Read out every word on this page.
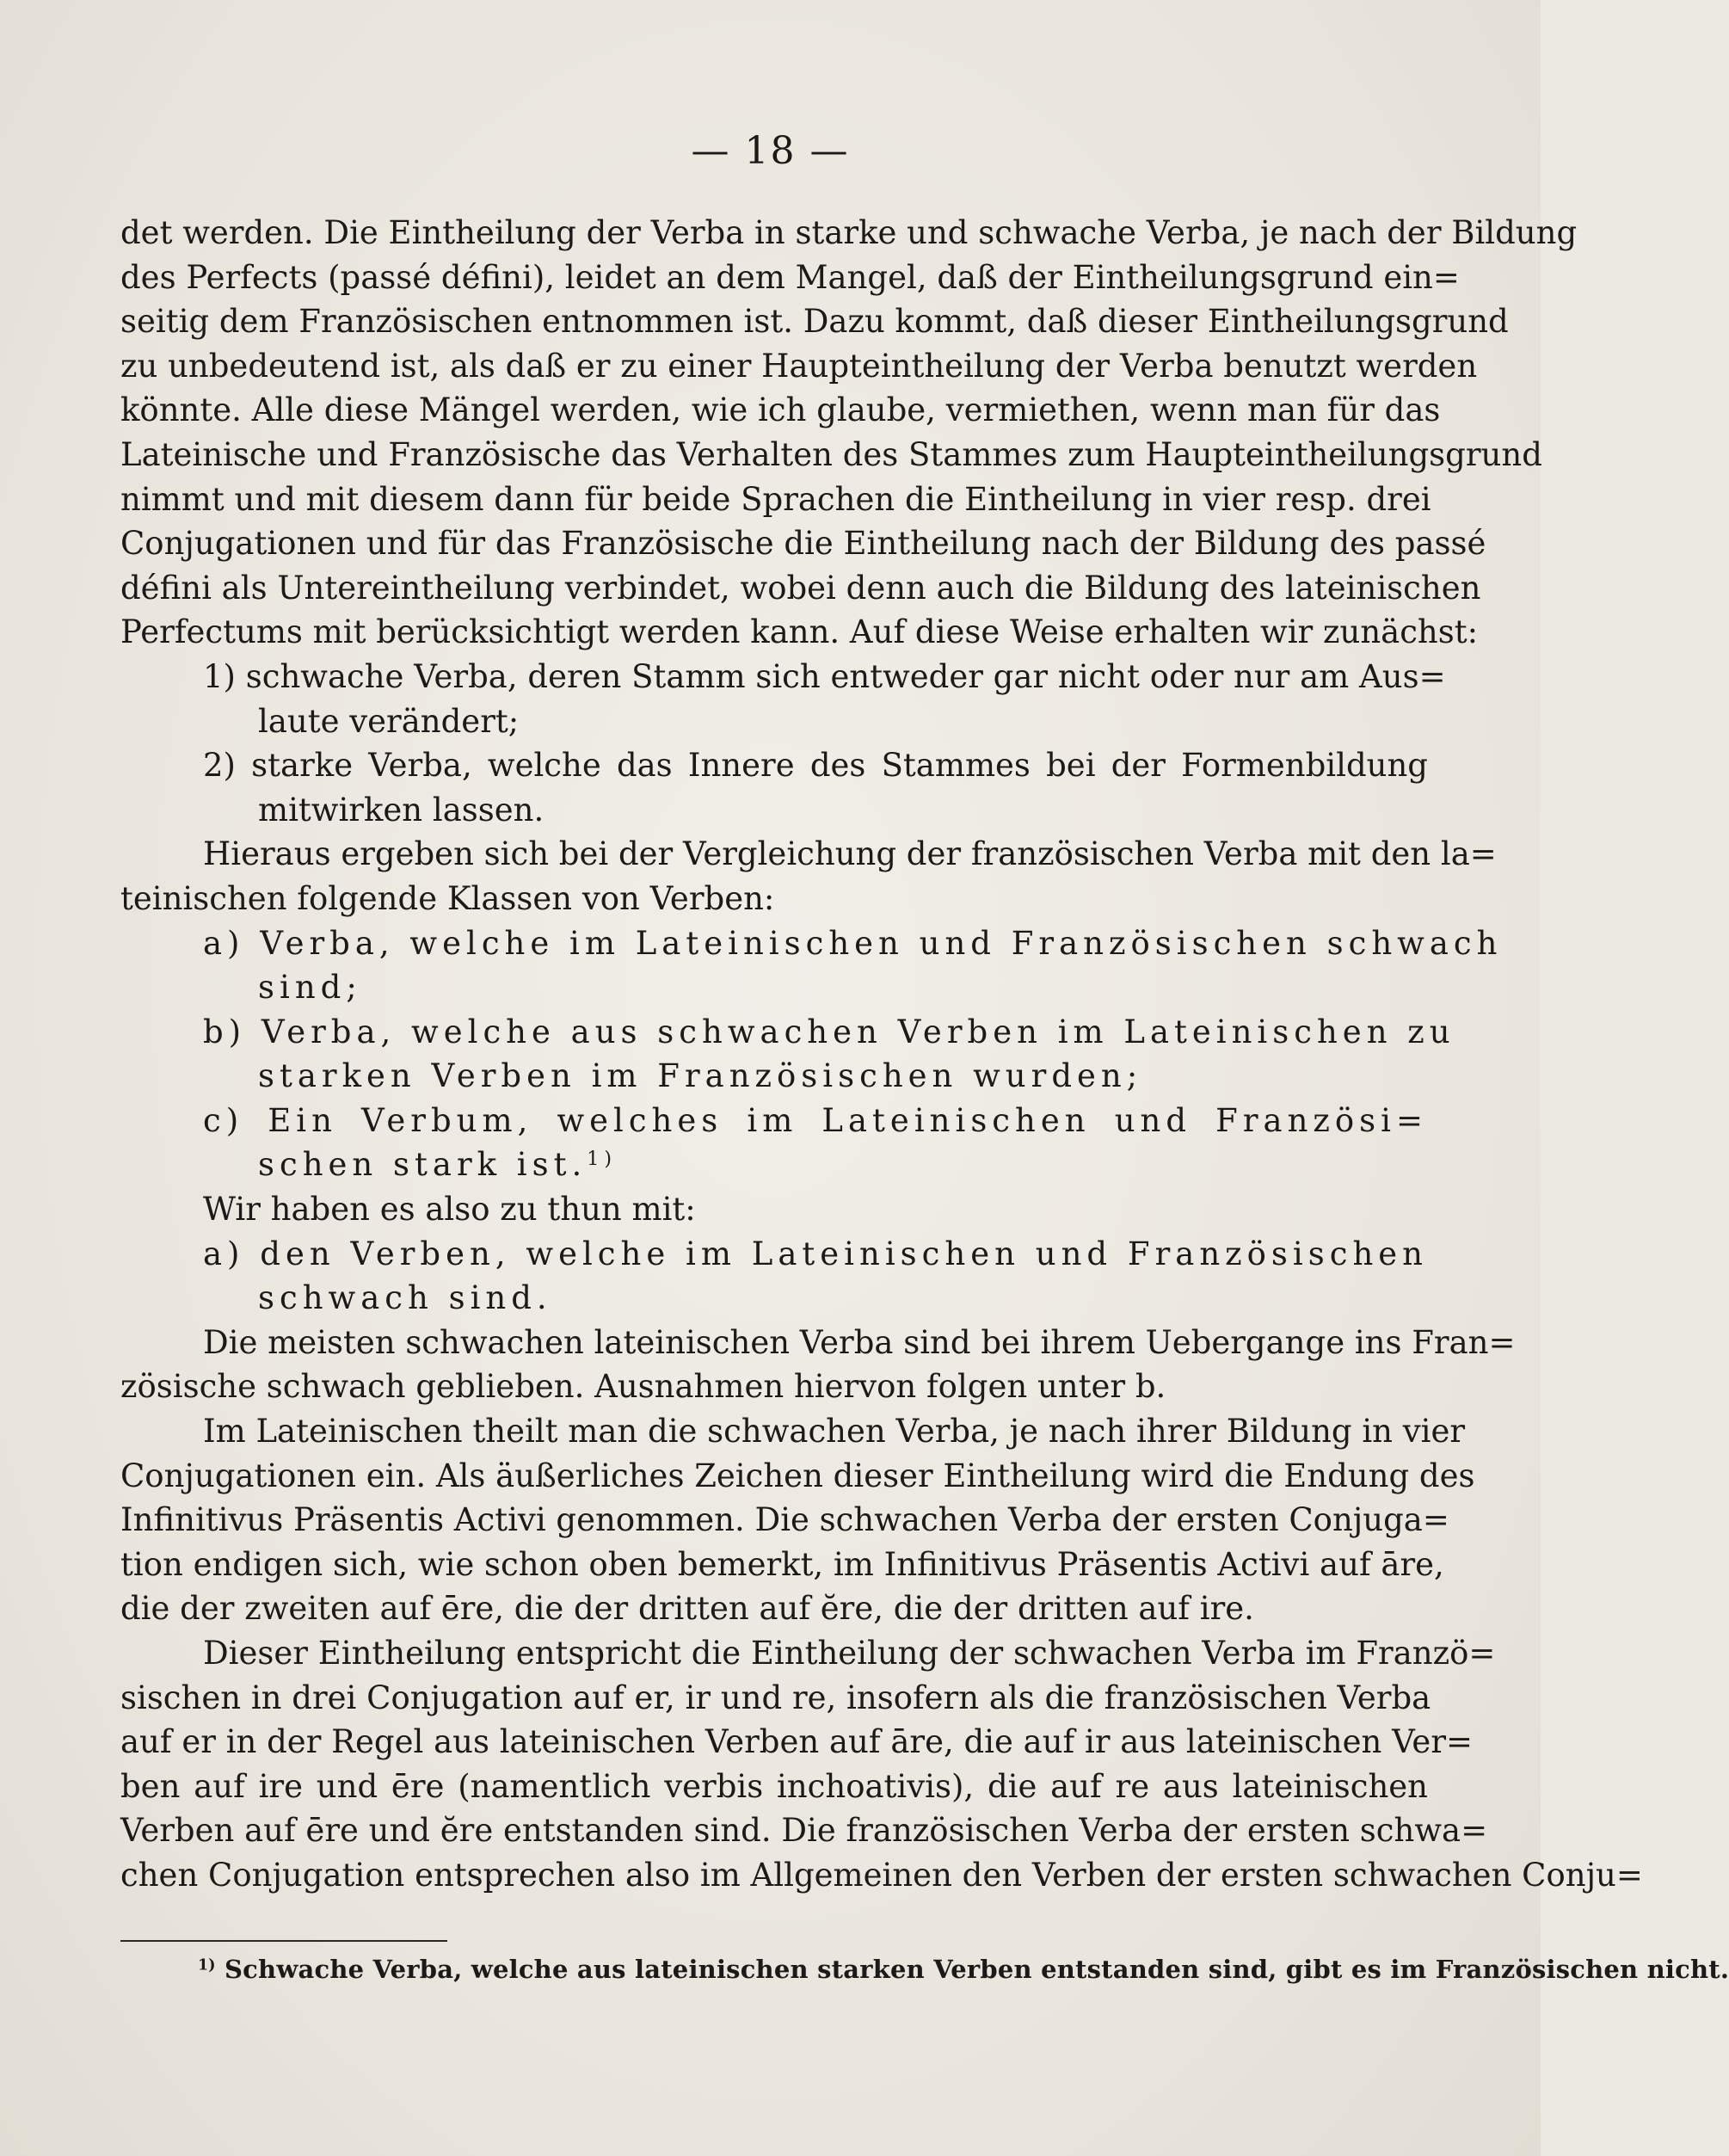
— 18 —
det werden. Die Eintheilung der Verba in starke und schwache Verba, je nach der Bildung
des Perfects (passé défini), leidet an dem Mangel, daß der Eintheilungsgrund ein=
seitig dem Französischen entnommen ist. Dazu kommt, daß dieser Eintheilungsgrund
zu unbedeutend ist, als daß er zu einer Haupteintheilung der Verba benutzt werden
könnte. Alle diese Mängel werden, wie ich glaube, vermiethen, wenn man für das
Lateinische und Französische das Verhalten des Stammes zum Haupteintheilungsgrund
nimmt und mit diesem dann für beide Sprachen die Eintheilung in vier resp. drei
Conjugationen und für das Französische die Eintheilung nach der Bildung des passé
défini als Untereintheilung verbindet, wobei denn auch die Bildung des lateinischen
Perfectums mit berücksichtigt werden kann. Auf diese Weise erhalten wir zunächst:
1) schwache Verba, deren Stamm sich entweder gar nicht oder nur am Aus=
laute verändert;
2) starke Verba, welche das Innere des Stammes bei der Formenbildung
mitwirken lassen.
Hieraus ergeben sich bei der Vergleichung der französischen Verba mit den la=
teinischen folgende Klassen von Verben:
a) Verba, welche im Lateinischen und Französischen schwach
sind;
b) Verba, welche aus schwachen Verben im Lateinischen zu
starken Verben im Französischen wurden;
c) Ein Verbum, welches im Lateinischen und Französi=
schen stark ist.$^{1)}$
Wir haben es also zu thun mit:
a) den Verben, welche im Lateinischen und Französischen
schwach sind.
Die meisten schwachen lateinischen Verba sind bei ihrem Uebergange ins Fran=
zösische schwach geblieben. Ausnahmen hiervon folgen unter b.
Im Lateinischen theilt man die schwachen Verba, je nach ihrer Bildung in vier
Conjugationen ein. Als äußerliches Zeichen dieser Eintheilung wird die Endung des
Infinitivus Präsentis Activi genommen. Die schwachen Verba der ersten Conjuga=
tion endigen sich, wie schon oben bemerkt, im Infinitivus Präsentis Activi auf āre,
die der zweiten auf ēre, die der dritten auf ĕre, die der dritten auf ire.
Dieser Eintheilung entspricht die Eintheilung der schwachen Verba im Franzö=
sischen in drei Conjugation auf er, ir und re, insofern als die französischen Verba
auf er in der Regel aus lateinischen Verben auf āre, die auf ir aus lateinischen Ver=
ben auf ire und ēre (namentlich verbis inchoativis), die auf re aus lateinischen
Verben auf ēre und ĕre entstanden sind. Die französischen Verba der ersten schwa=
chen Conjugation entsprechen also im Allgemeinen den Verben der ersten schwachen Conju=
$^{1)}$ Schwache Verba, welche aus lateinischen starken Verben entstanden sind, gibt es im Französischen nicht.
